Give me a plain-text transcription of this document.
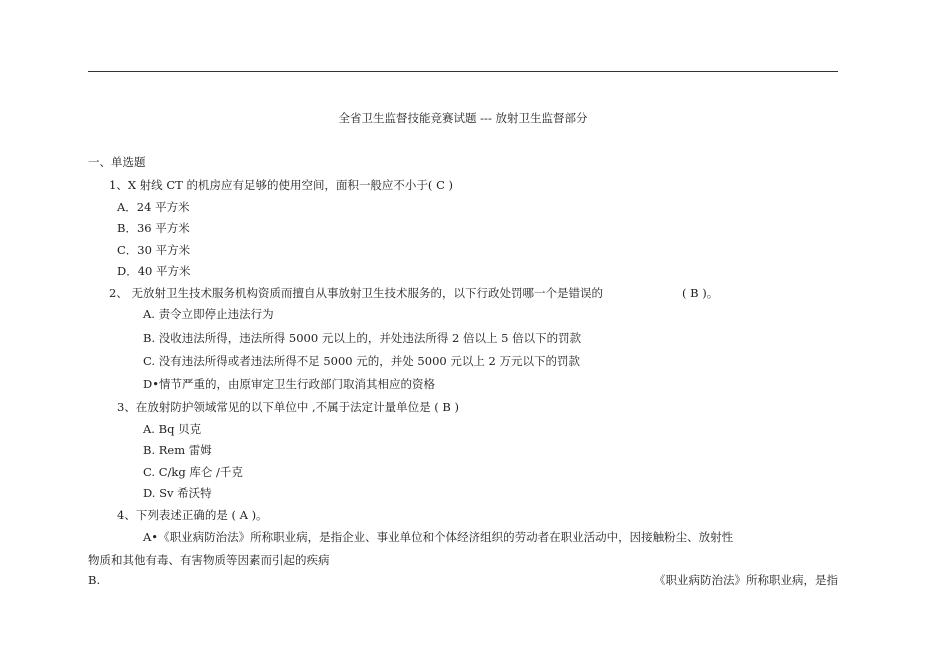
全省卫生监督技能竞赛试题 --- 放射卫生监督部分
一、单选题
1、X 射线 CT 的机房应有足够的使用空间，面积一般应不小于( C )
A．24 平方米
B．36 平方米
C．30 平方米
D．40 平方米
2、 无放射卫生技术服务机构资质而擅自从事放射卫生技术服务的，以下行政处罚哪一个是错误的	( B )。
A. 责令立即停止违法行为
B. 没收违法所得，违法所得 5000 元以上的，并处违法所得 2 倍以上 5 倍以下的罚款
C. 没有违法所得或者违法所得不足 5000 元的，并处 5000 元以上 2 万元以下的罚款
D•情节严重的，由原审定卫生行政部门取消其相应的资格
3、在放射防护领域常见的以下单位中 ,不属于法定计量单位是 ( B )
A. Bq 贝克
B. Rem 雷姆
C. C/kg 库仑 /千克
D. Sv 希沃特
4、下列表述正确的是 ( A )。
A•《职业病防治法》所称职业病，是指企业、事业单位和个体经济组织的劳动者在职业活动中，因接触粉尘、放射性
物质和其他有毒、有害物质等因素而引起的疾病
B.	《职业病防治法》所称职业病，是指
